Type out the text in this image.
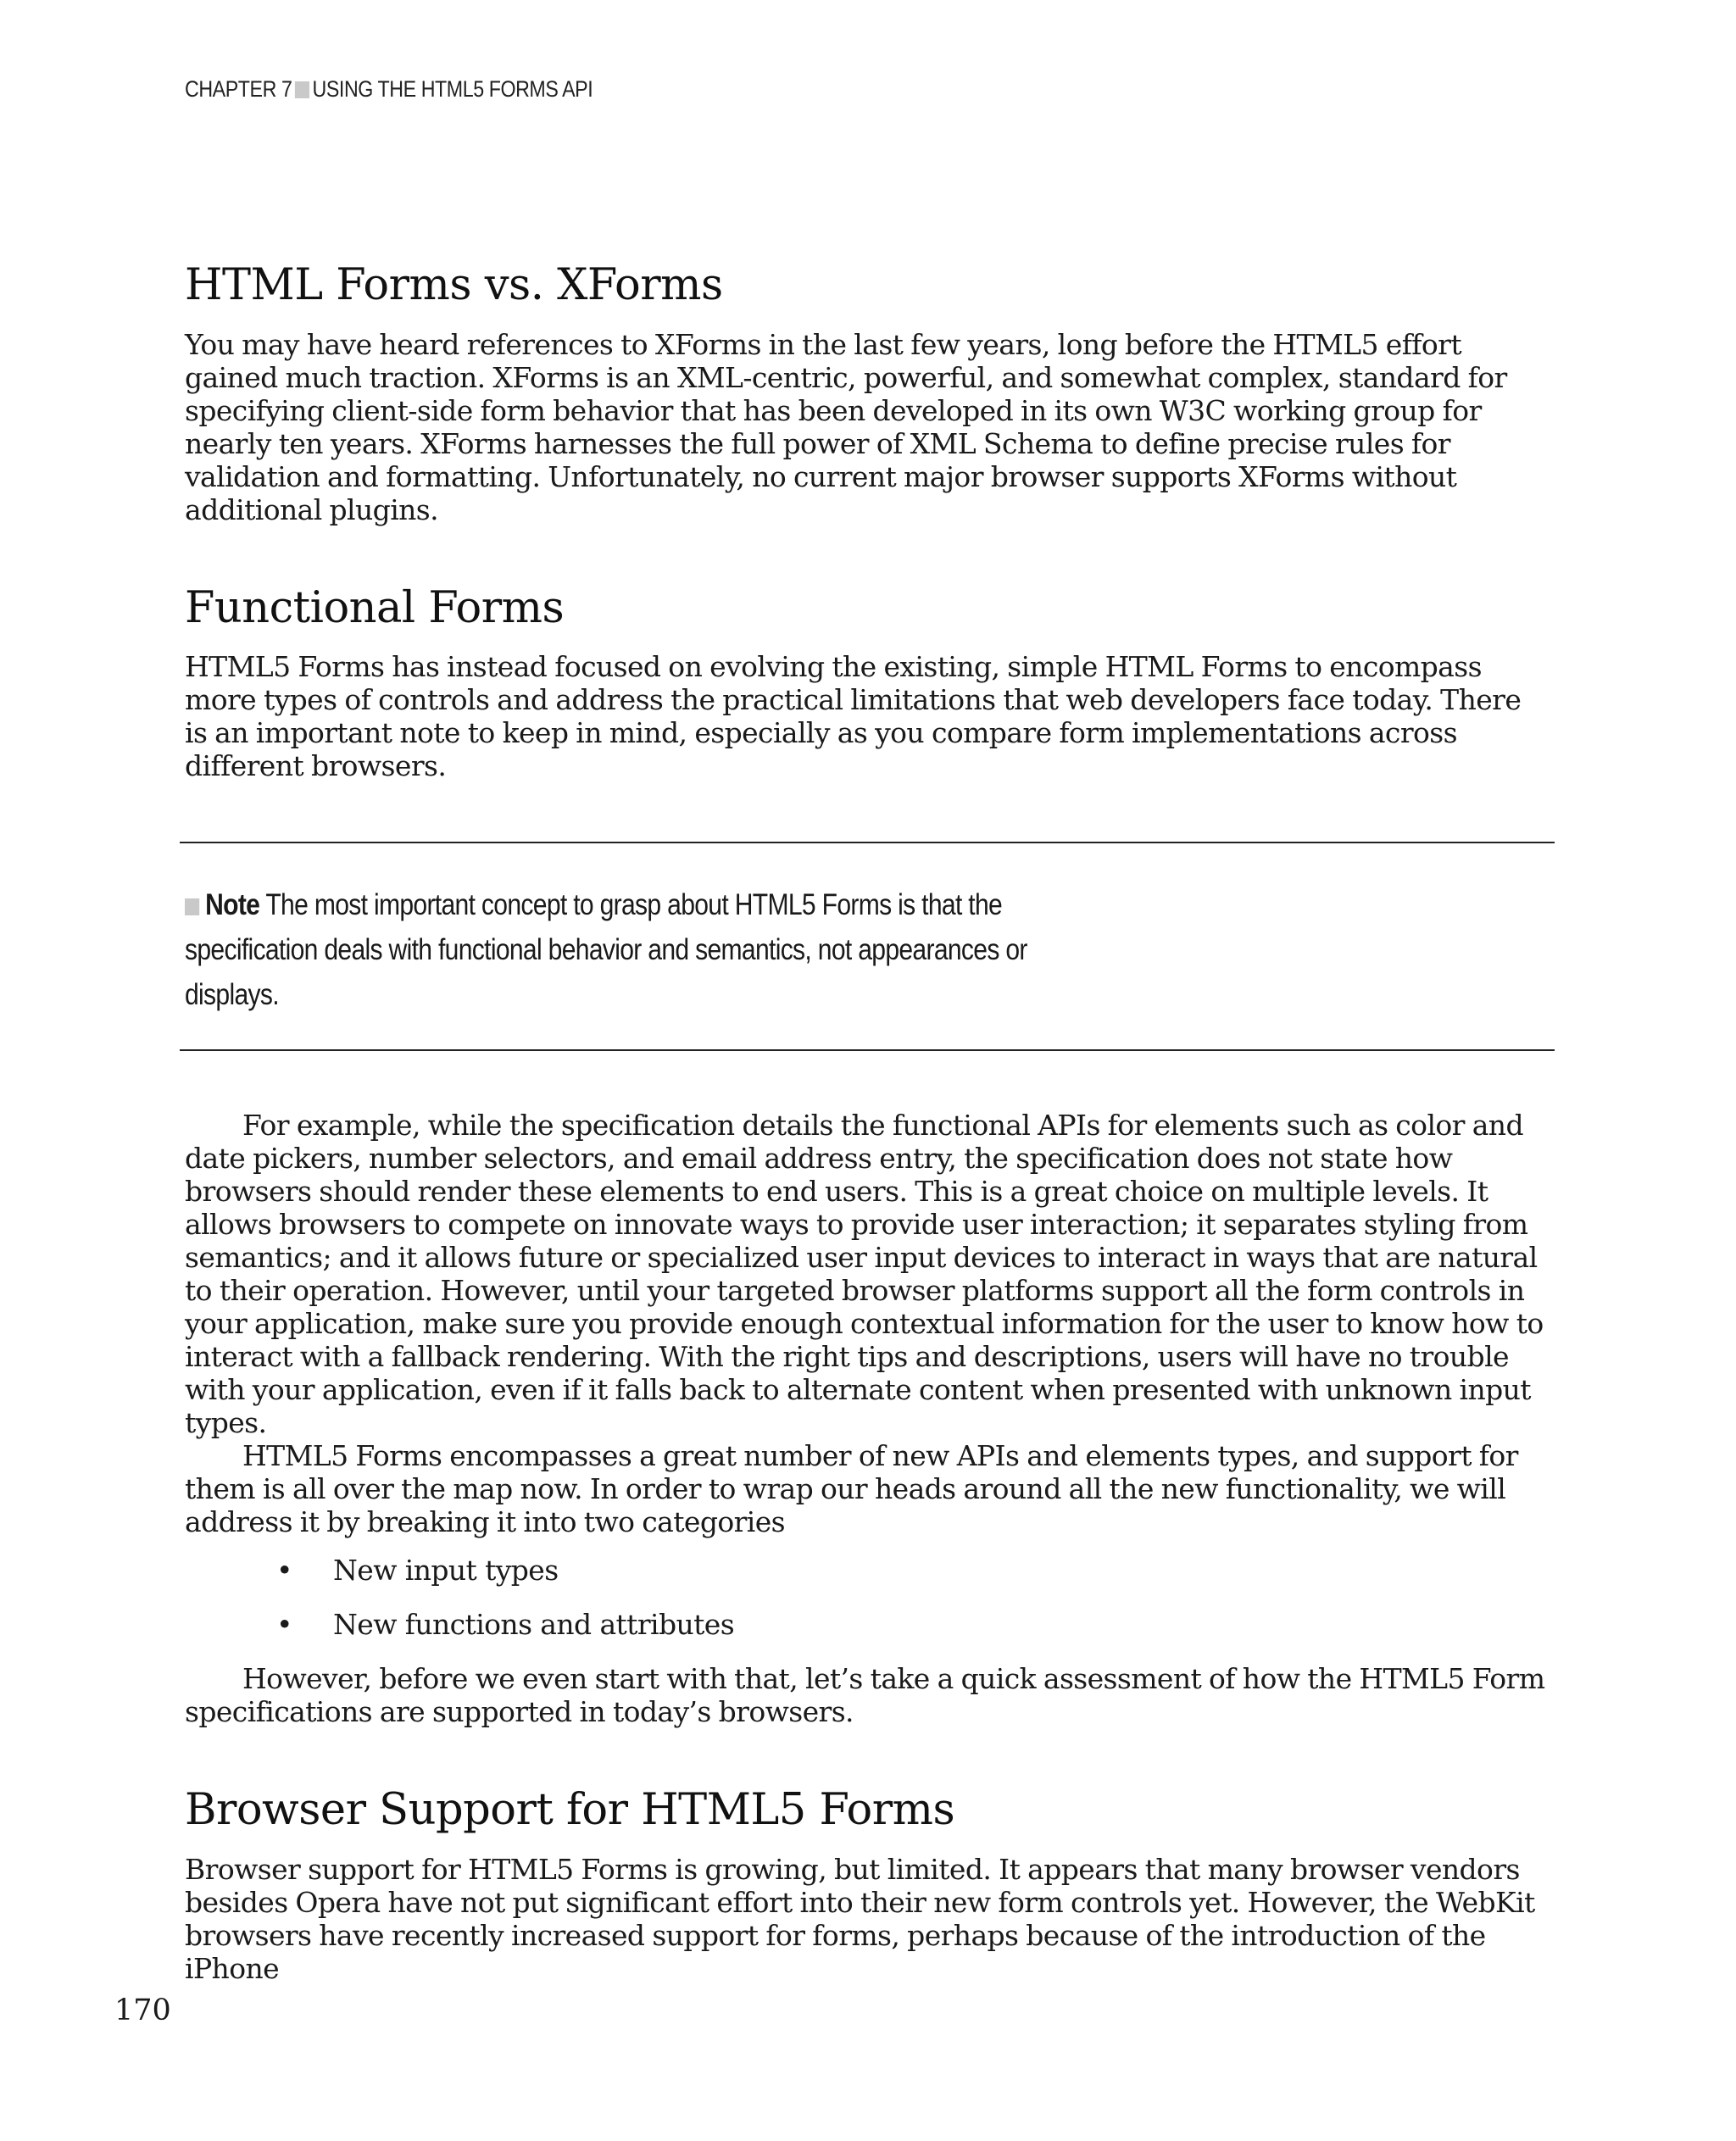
CHAPTER 7 USING THE HTML5 FORMS API
HTML Forms vs. XForms

You may have heard references to XForms in the last few years, long before the HTML5 effort gained much traction. XForms is an XML-centric, powerful, and somewhat complex, standard for specifying client-side form behavior that has been developed in its own W3C working group for nearly ten years. XForms harnesses the full power of XML Schema to define precise rules for validation and formatting. Unfortunately, no current major browser supports XForms without additional plugins.

Functional Forms

HTML5 Forms has instead focused on evolving the existing, simple HTML Forms to encompass more types of controls and address the practical limitations that web developers face today. There is an important note to keep in mind, especially as you compare form implementations across different browsers.

Note The most important concept to grasp about HTML5 Forms is that the specification deals with functional behavior and semantics, not appearances or displays.

For example, while the specification details the functional APIs for elements such as color and date pickers, number selectors, and email address entry, the specification does not state how browsers should render these elements to end users. This is a great choice on multiple levels. It allows browsers to compete on innovate ways to provide user interaction; it separates styling from semantics; and it allows future or specialized user input devices to interact in ways that are natural to their operation. However, until your targeted browser platforms support all the form controls in your application, make sure you provide enough contextual information for the user to know how to interact with a fallback rendering. With the right tips and descriptions, users will have no trouble with your application, even if it falls back to alternate content when presented with unknown input types.

HTML5 Forms encompasses a great number of new APIs and elements types, and support for them is all over the map now. In order to wrap our heads around all the new functionality, we will address it by breaking it into two categories

• New input types
• New functions and attributes

However, before we even start with that, let’s take a quick assessment of how the HTML5 Form specifications are supported in today’s browsers.

Browser Support for HTML5 Forms

Browser support for HTML5 Forms is growing, but limited. It appears that many browser vendors besides Opera have not put significant effort into their new form controls yet. However, the WebKit browsers have recently increased support for forms, perhaps because of the introduction of the iPhone

170
